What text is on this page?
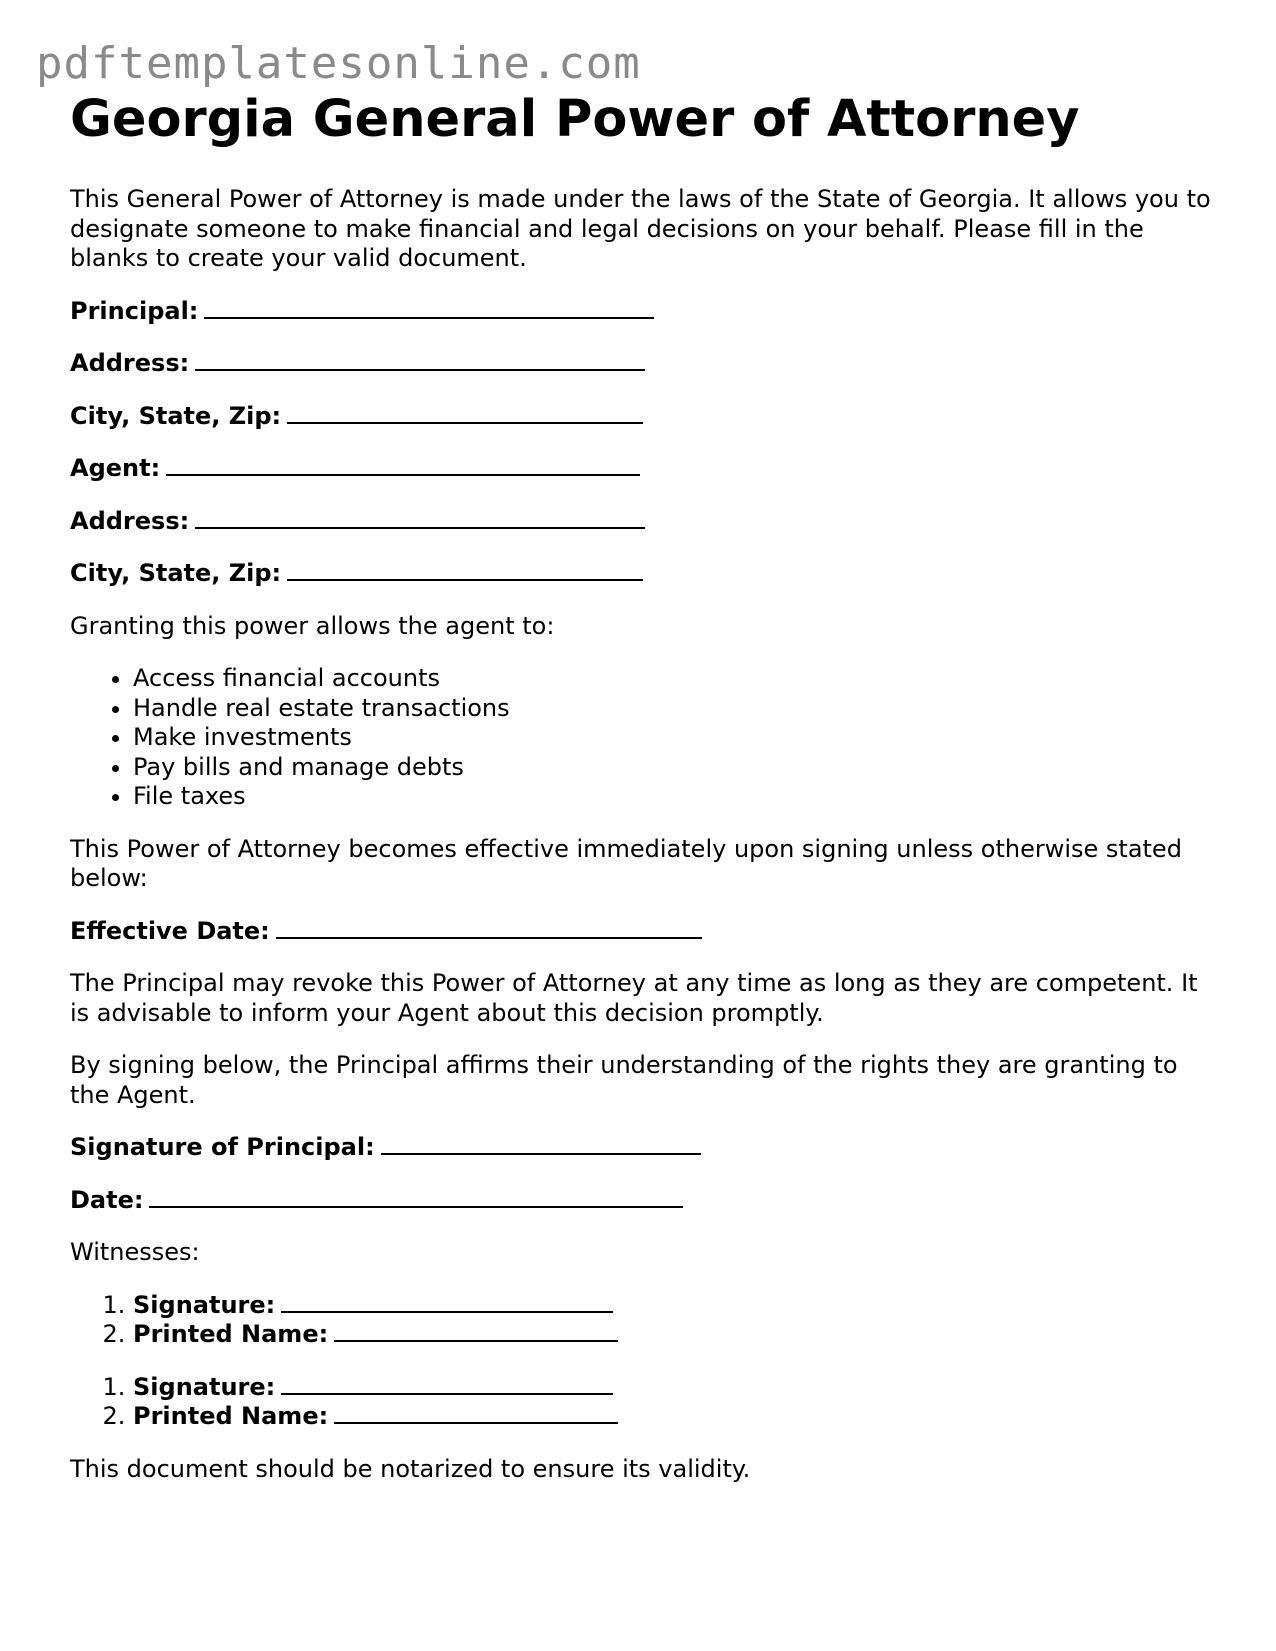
pdftemplatesonline.com
Georgia General Power of Attorney

This General Power of Attorney is made under the laws of the State of Georgia. It allows you to designate someone to make financial and legal decisions on your behalf. Please fill in the blanks to create your valid document.

Principal:
Address:
City, State, Zip:
Agent:
Address:
City, State, Zip:

Granting this power allows the agent to:

• Access financial accounts
• Handle real estate transactions
• Make investments
• Pay bills and manage debts
• File taxes

This Power of Attorney becomes effective immediately upon signing unless otherwise stated below:

Effective Date:

The Principal may revoke this Power of Attorney at any time as long as they are competent. It is advisable to inform your Agent about this decision promptly.

By signing below, the Principal affirms their understanding of the rights they are granting to the Agent.

Signature of Principal:
Date:

Witnesses:

1. Signature:
2. Printed Name:
1. Signature:
2. Printed Name:

This document should be notarized to ensure its validity.
